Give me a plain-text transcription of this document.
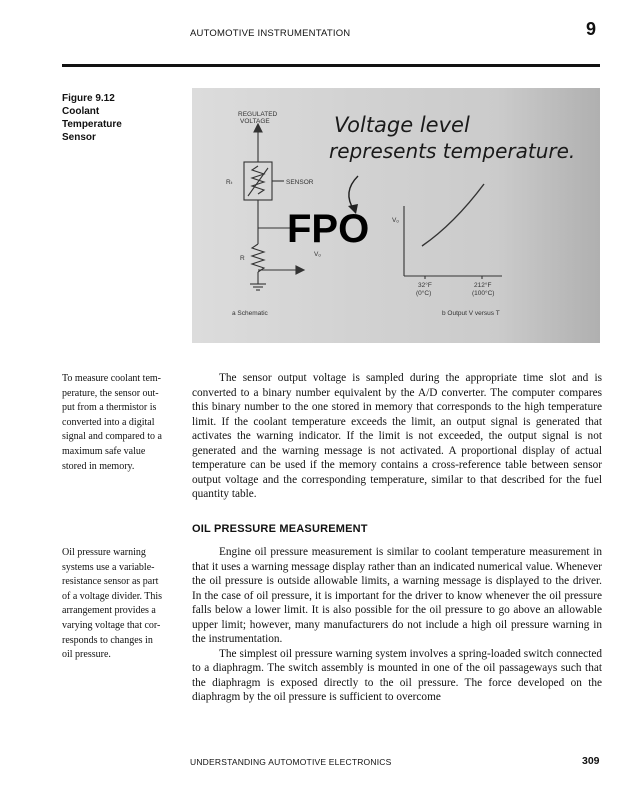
AUTOMOTIVE INSTRUMENTATION	9
Figure 9.12
Coolant
Temperature
Sensor
REGULATED
VOLTAGE
Rₜ	SENSOR
R
Vₒ
a Schematic
Vₒ
32°F
(0°C)
212°F
(100°C)
b Output V versus T
Voltage level
represents temperature.
FPO
To measure coolant tem-
perature, the sensor out-
put from a thermistor is
converted into a digital
signal and compared to a
maximum safe value
stored in memory.
Oil pressure warning
systems use a variable-
resistance sensor as part
of a voltage divider. This
arrangement provides a
varying voltage that cor-
responds to changes in
oil pressure.

The sensor output voltage is sampled during the appropriate time slot and is converted to a binary number equivalent by the A/D converter. The computer compares this binary number to the one stored in memory that corresponds to the high temperature limit. If the coolant temperature exceeds the limit, an output signal is generated that activates the warning indicator. If the limit is not exceeded, the output signal is not generated and the warning message is not activated. A proportional display of actual temperature can be used if the memory contains a cross-reference table between sensor output voltage and the corresponding temperature, similar to that described for the fuel quantity table.

OIL PRESSURE MEASUREMENT

Engine oil pressure measurement is similar to coolant temperature measurement in that it uses a warning message display rather than an indicated numerical value. Whenever the oil pressure is outside allowable limits, a warning message is displayed to the driver. In the case of oil pressure, it is important for the driver to know whenever the oil pressure falls below a lower limit. It is also possible for the oil pressure to go above an allowable upper limit; however, many manufacturers do not include a high oil pressure warning in the instrumentation.

The simplest oil pressure warning system involves a spring-loaded switch connected to a diaphragm. The switch assembly is mounted in one of the oil passageways such that the diaphragm is exposed directly to the oil pressure. The force developed on the diaphragm by the oil pressure is sufficient to overcome

UNDERSTANDING AUTOMOTIVE ELECTRONICS	309
